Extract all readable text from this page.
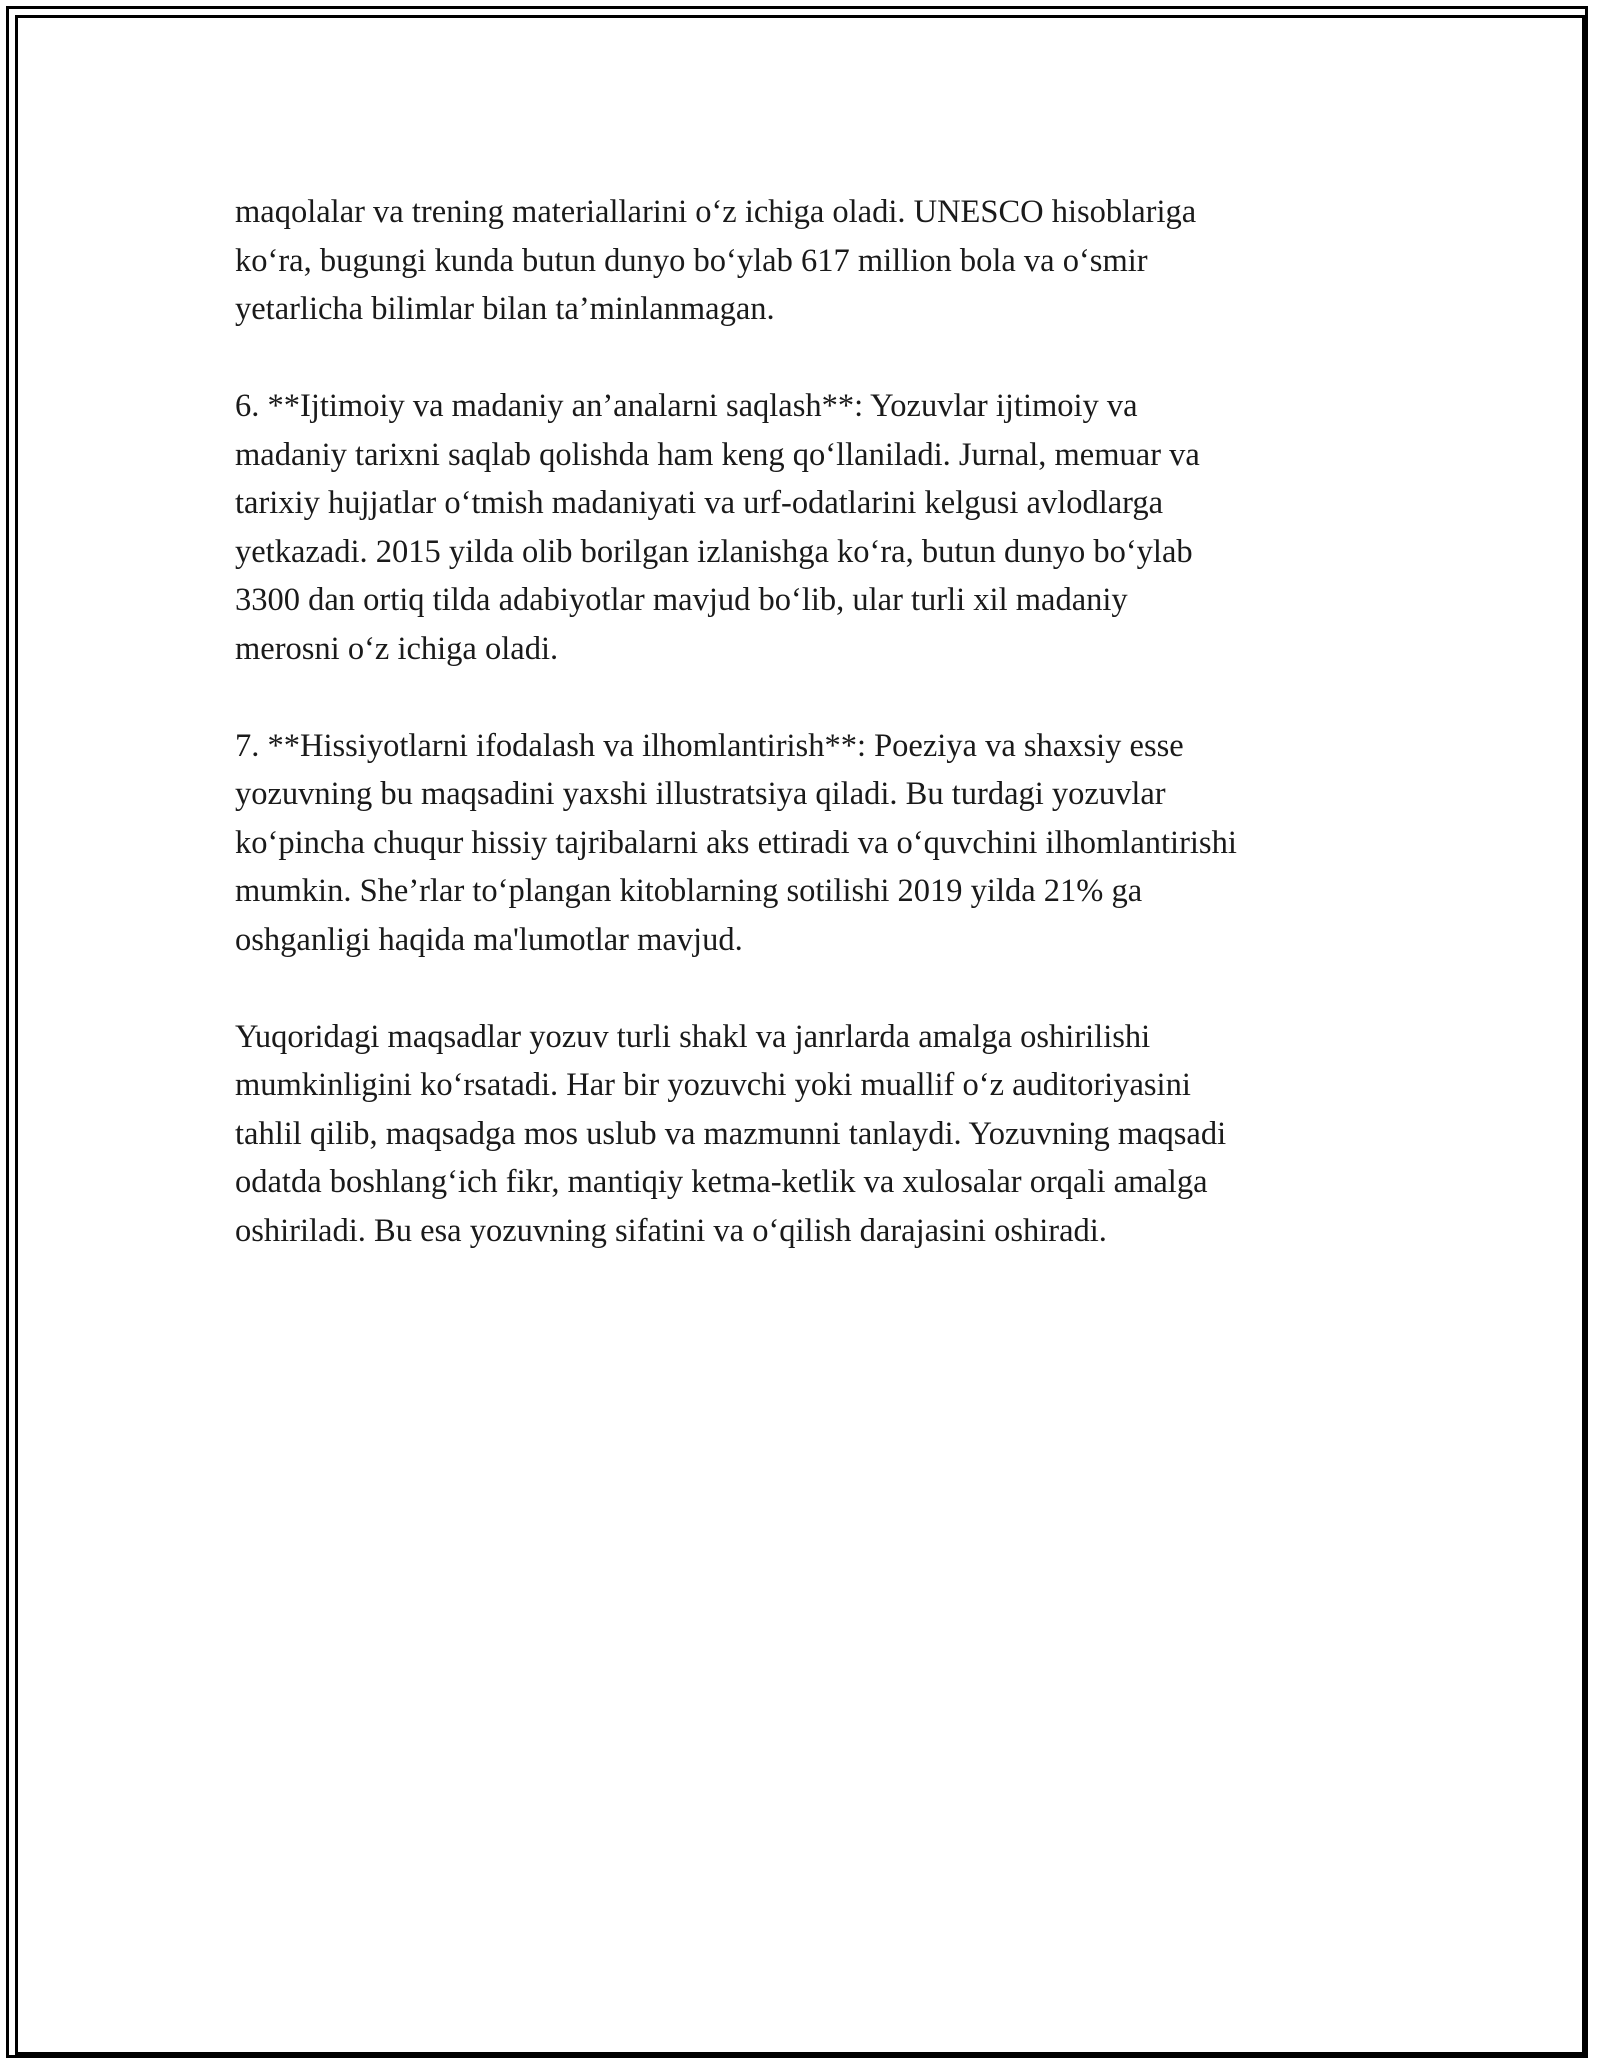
maqolalar va trening materiallarini o‘z ichiga oladi. UNESCO hisoblariga
ko‘ra, bugungi kunda butun dunyo bo‘ylab 617 million bola va o‘smir
yetarlicha bilimlar bilan ta’minlanmagan.

6. **Ijtimoiy va madaniy an’analarni saqlash**: Yozuvlar ijtimoiy va
madaniy tarixni saqlab qolishda ham keng qo‘llaniladi. Jurnal, memuar va
tarixiy hujjatlar o‘tmish madaniyati va urf-odatlarini kelgusi avlodlarga
yetkazadi. 2015 yilda olib borilgan izlanishga ko‘ra, butun dunyo bo‘ylab
3300 dan ortiq tilda adabiyotlar mavjud bo‘lib, ular turli xil madaniy
merosni o‘z ichiga oladi.

7. **Hissiyotlarni ifodalash va ilhomlantirish**: Poeziya va shaxsiy esse
yozuvning bu maqsadini yaxshi illustratsiya qiladi. Bu turdagi yozuvlar
ko‘pincha chuqur hissiy tajribalarni aks ettiradi va o‘quvchini ilhomlantirishi
mumkin. She’rlar to‘plangan kitoblarning sotilishi 2019 yilda 21% ga
oshganligi haqida ma'lumotlar mavjud.

Yuqoridagi maqsadlar yozuv turli shakl va janrlarda amalga oshirilishi
mumkinligini ko‘rsatadi. Har bir yozuvchi yoki muallif o‘z auditoriyasini
tahlil qilib, maqsadga mos uslub va mazmunni tanlaydi. Yozuvning maqsadi
odatda boshlang‘ich fikr, mantiqiy ketma-ketlik va xulosalar orqali amalga
oshiriladi. Bu esa yozuvning sifatini va o‘qilish darajasini oshiradi.
